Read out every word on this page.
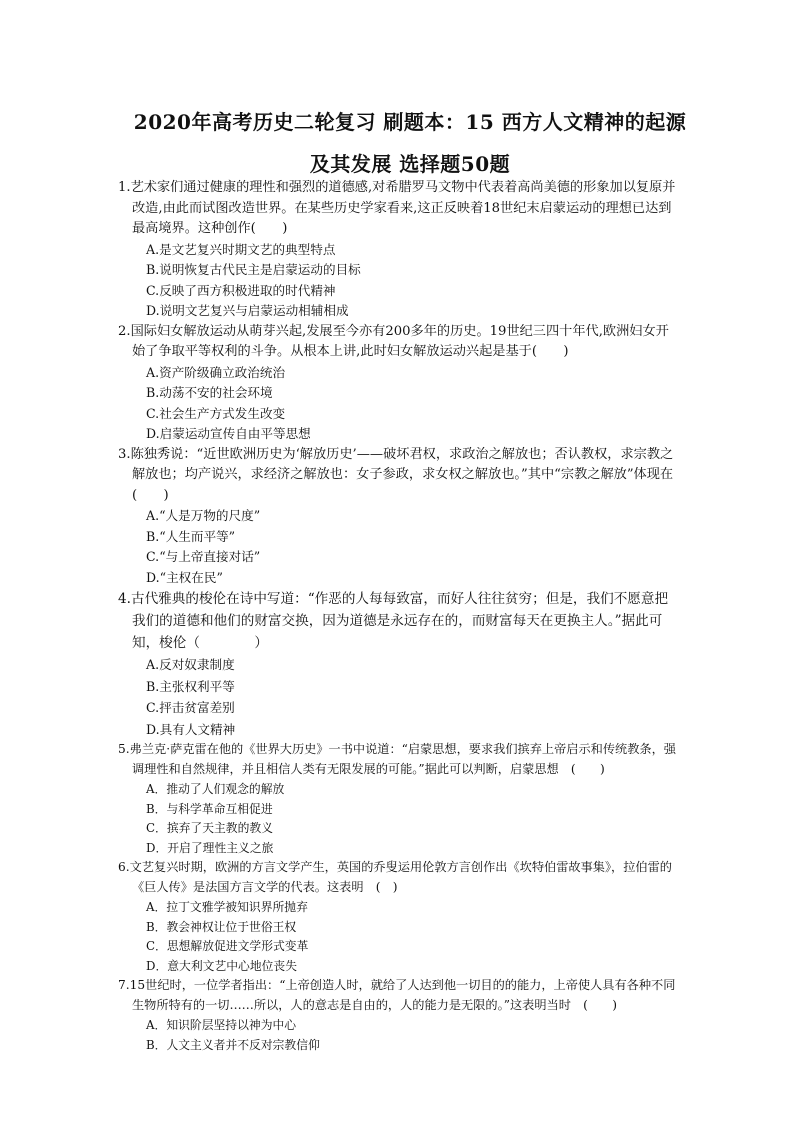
2020年高考历史二轮复习 刷题本：15 西方人文精神的起源
及其发展 选择题50题

1.艺术家们通过健康的理性和强烈的道德感,对希腊罗马文物中代表着高尚美德的形象加以复原并改造,由此而试图改造世界。在某些历史学家看来,这正反映着18世纪末启蒙运动的理想已达到最高境界。这种创作(　　)

A.是文艺复兴时期文艺的典型特点

B.说明恢复古代民主是启蒙运动的目标

C.反映了西方积极进取的时代精神

D.说明文艺复兴与启蒙运动相辅相成

2.国际妇女解放运动从萌芽兴起,发展至今亦有200多年的历史。19世纪三四十年代,欧洲妇女开始了争取平等权利的斗争。从根本上讲,此时妇女解放运动兴起是基于(　　)

A.资产阶级确立政治统治

B.动荡不安的社会环境

C.社会生产方式发生改变

D.启蒙运动宣传自由平等思想

3.陈独秀说：“近世欧洲历史为‘解放历史’——破坏君权，求政治之解放也；否认教权，求宗教之解放也；均产说兴，求经济之解放也：女子参政，求女权之解放也。”其中“宗教之解放”体现在(　　)

A.“人是万物的尺度”

B.“人生而平等”

C.“与上帝直接对话”

D.“主权在民”

4.古代雅典的梭伦在诗中写道：“作恶的人每每致富，而好人往往贫穷；但是，我们不愿意把我们的道德和他们的财富交换，因为道德是永远存在的，而财富每天在更换主人。”据此可知，梭伦（　　　　）

A.反对奴隶制度

B.主张权利平等

C.抨击贫富差别

D.具有人文精神

5.弗兰克·萨克雷在他的《世界大历史》一书中说道：“启蒙思想，要求我们摈弃上帝启示和传统教条，强调理性和自然规律，并且相信人类有无限发展的可能。”据此可以判断，启蒙思想　(　　)

A．推动了人们观念的解放

B．与科学革命互相促进

C．摈弃了天主教的教义

D．开启了理性主义之旅

6.文艺复兴时期，欧洲的方言文学产生，英国的乔叟运用伦敦方言创作出《坎特伯雷故事集》，拉伯雷的《巨人传》是法国方言文学的代表。这表明　(　)

A．拉丁文雅学被知识界所抛弃

B．教会神权让位于世俗王权

C．思想解放促进文学形式变革

D．意大利文艺中心地位丧失

7.15世纪时，一位学者指出：“上帝创造人时，就给了人达到他一切目的的能力，上帝使人具有各种不同生物所特有的一切……所以，人的意志是自由的，人的能力是无限的。”这表明当时　(　　)

A．知识阶层坚持以神为中心

B．人文主义者并不反对宗教信仰
